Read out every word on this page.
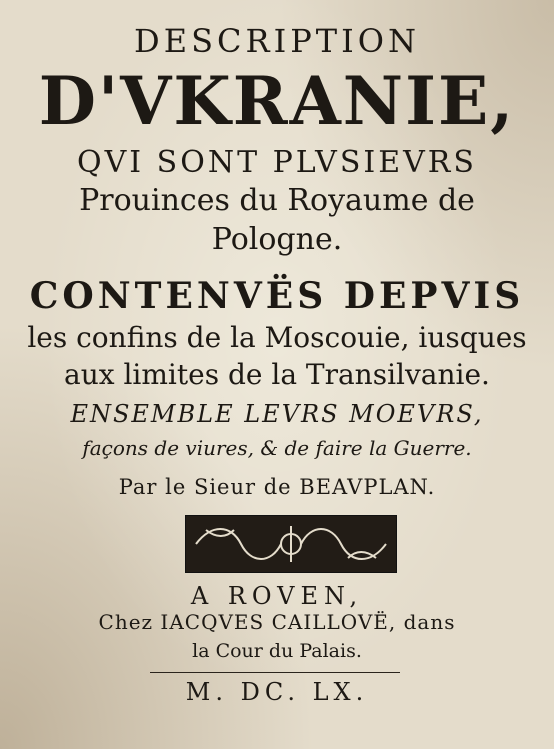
DESCRIPTION
D'VKRANIE,
QVI SONT PLVSIEVRS
Prouinces du Royaume de
Pologne.
CONTENVËS DEPVIS
les confins de la Moscouie, iusques
aux limites de la Transilvanie.
ENSEMBLE LEVRS MOEVRS,
façons de viures, & de faire la Guerre.
Par le Sieur de BEAVPLAN.
A ROVEN,
Chez IACQVES CAILLOVË, dans
la Cour du Palais.
M. DC. LX.
